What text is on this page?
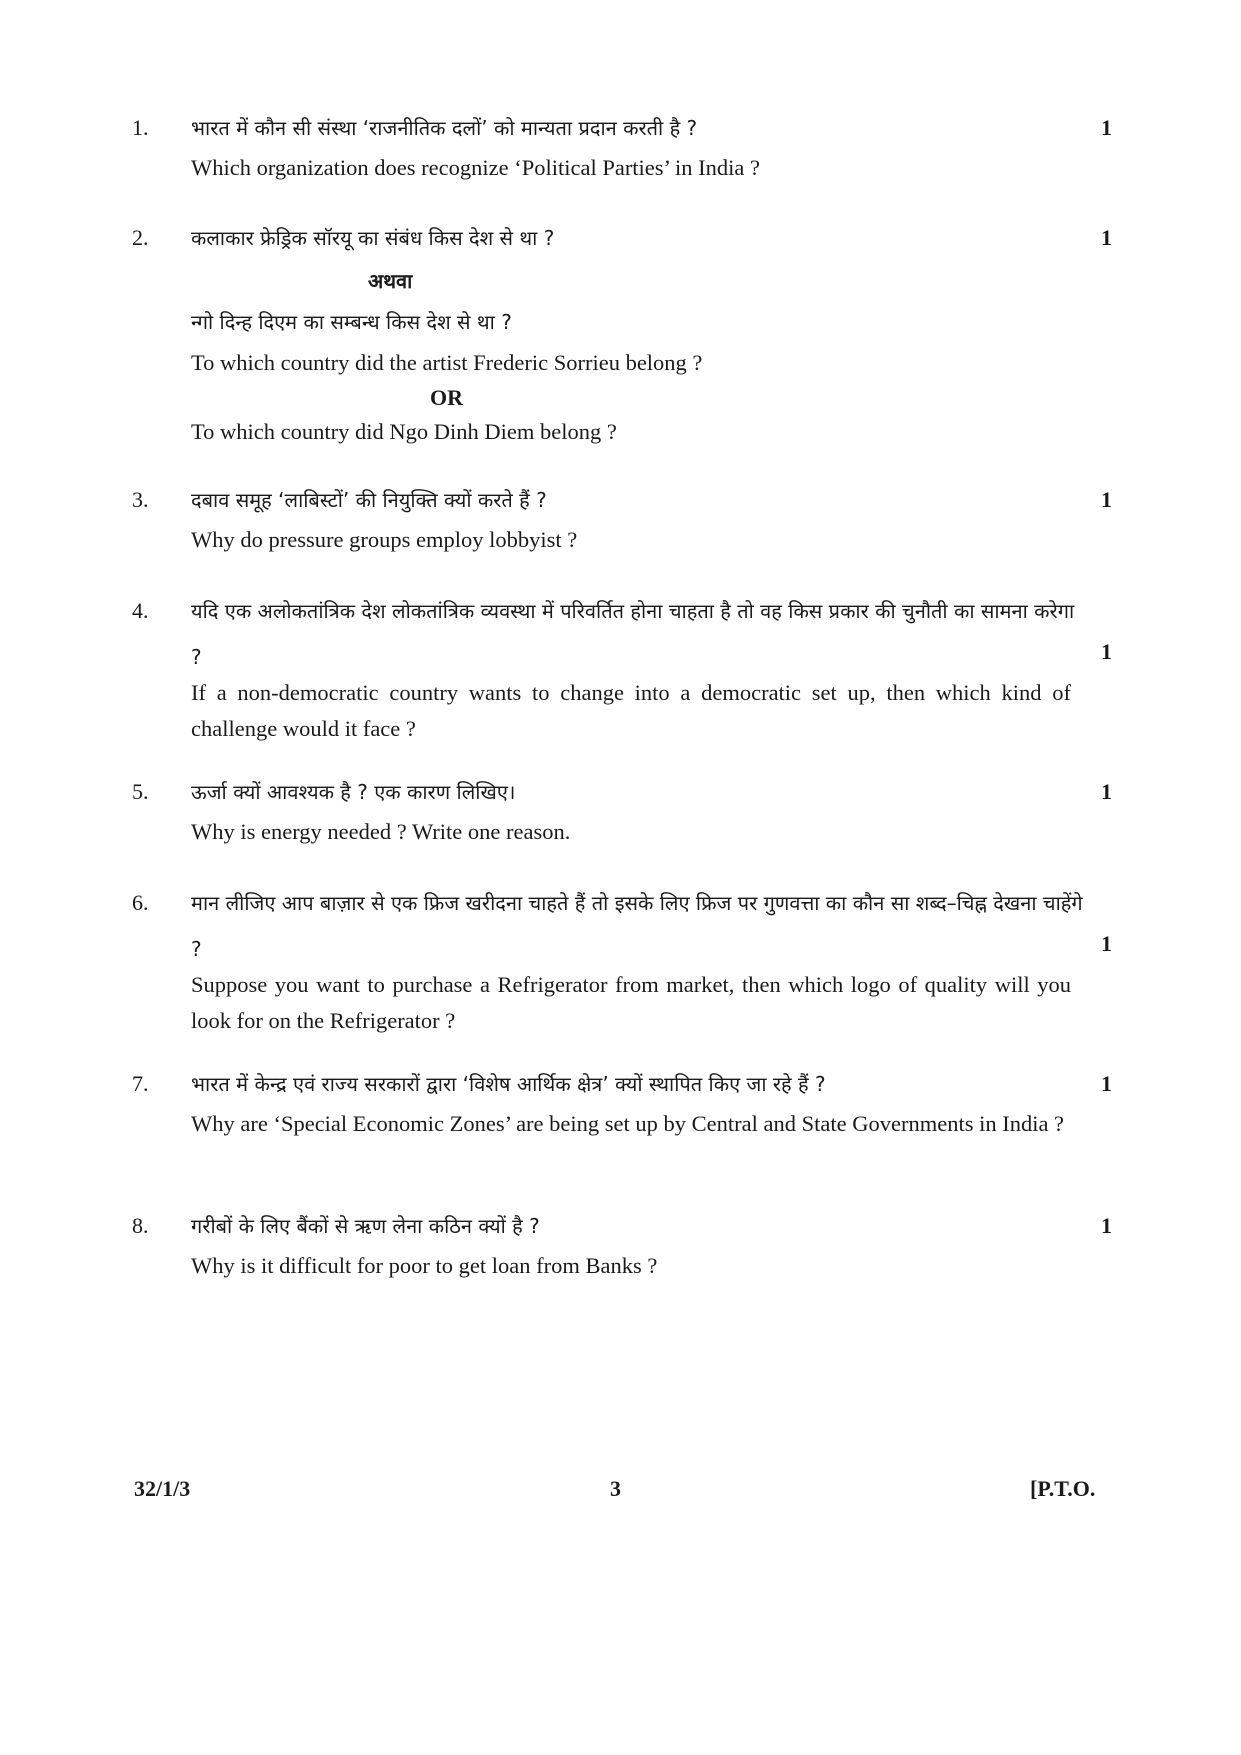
1. भारत में कौन सी संस्था ‘राजनीतिक दलों’ को मान्यता प्रदान करती है ?	1
Which organization does recognize ‘Political Parties’ in India ?
2. कलाकार फ्रेड्रिक सॉरयू का संबंध किस देश से था ?	1
अथवा
न्गो दिन्ह दिएम का सम्बन्ध किस देश से था ?
To which country did the artist Frederic Sorrieu belong ?
OR
To which country did Ngo Dinh Diem belong ?
3. दबाव समूह ‘लाबिस्टों’ की नियुक्ति क्यों करते हैं ?	1
Why do pressure groups employ lobbyist ?
4. यदि एक अलोकतांत्रिक देश लोकतांत्रिक व्यवस्था में परिवर्तित होना चाहता है तो वह किस प्रकार की चुनौती का सामना करेगा ?	1
If a non-democratic country wants to change into a democratic set up, then which kind of challenge would it face ?
5. ऊर्जा क्यों आवश्यक है ? एक कारण लिखिए।	1
Why is energy needed ? Write one reason.
6. मान लीजिए आप बाज़ार से एक फ्रिज खरीदना चाहते हैं तो इसके लिए फ्रिज पर गुणवत्ता का कौन सा शब्द–चिह्न देखना चाहेंगे ?	1
Suppose you want to purchase a Refrigerator from market, then which logo of quality will you look for on the Refrigerator ?
7. भारत में केन्द्र एवं राज्य सरकारों द्वारा ‘विशेष आर्थिक क्षेत्र’ क्यों स्थापित किए जा रहे हैं ?	1
Why are ‘Special Economic Zones’ are being set up by Central and State Governments in India ?
8. गरीबों के लिए बैंकों से ऋण लेना कठिन क्यों है ?	1
Why is it difficult for poor to get loan from Banks ?
32/1/3	3	[P.T.O.
